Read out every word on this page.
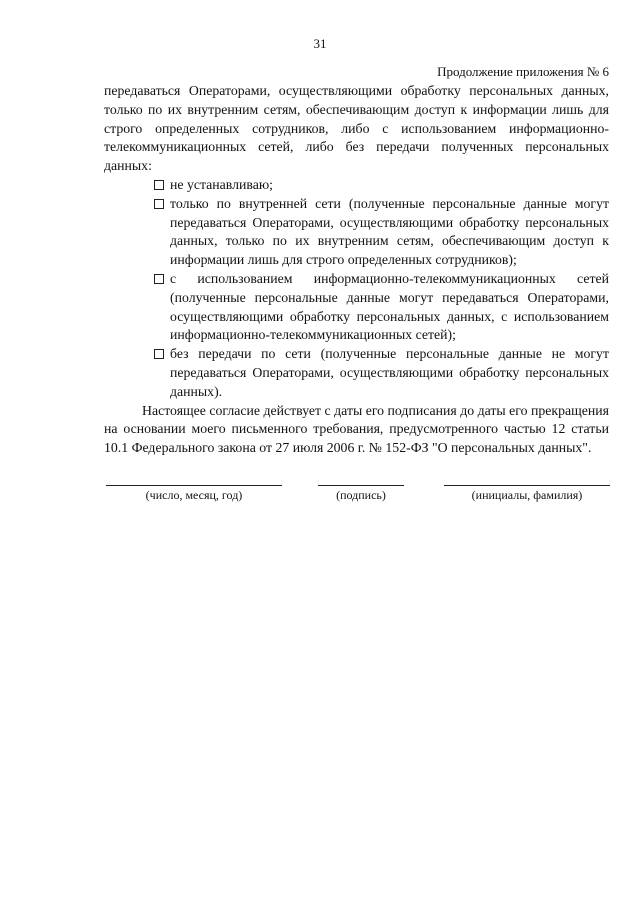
31
Продолжение приложения № 6

передаваться Операторами, осуществляющими обработку персональных данных, только по их внутренним сетям, обеспечивающим доступ к информации лишь для строго определенных сотрудников, либо с использованием информационно-телекоммуникационных сетей, либо без передачи полученных персональных данных:

не устанавливаю;
только по внутренней сети (полученные персональные данные могут передаваться Операторами, осуществляющими обработку персональных данных, только по их внутренним сетям, обеспечивающим доступ к информации лишь для строго определенных сотрудников);
с использованием информационно-телекоммуникационных сетей (полученные персональные данные могут передаваться Операторами, осуществляющими обработку персональных данных, с использованием информационно-телекоммуникационных сетей);
без передачи по сети (полученные персональные данные не могут передаваться Операторами, осуществляющими обработку персональных данных).

Настоящее согласие действует с даты его подписания до даты его прекращения на основании моего письменного требования, предусмотренного частью 12 статьи 10.1 Федерального закона от 27 июля 2006 г. № 152-ФЗ "О персональных данных".

(число, месяц, год)	(подпись)	(инициалы, фамилия)
